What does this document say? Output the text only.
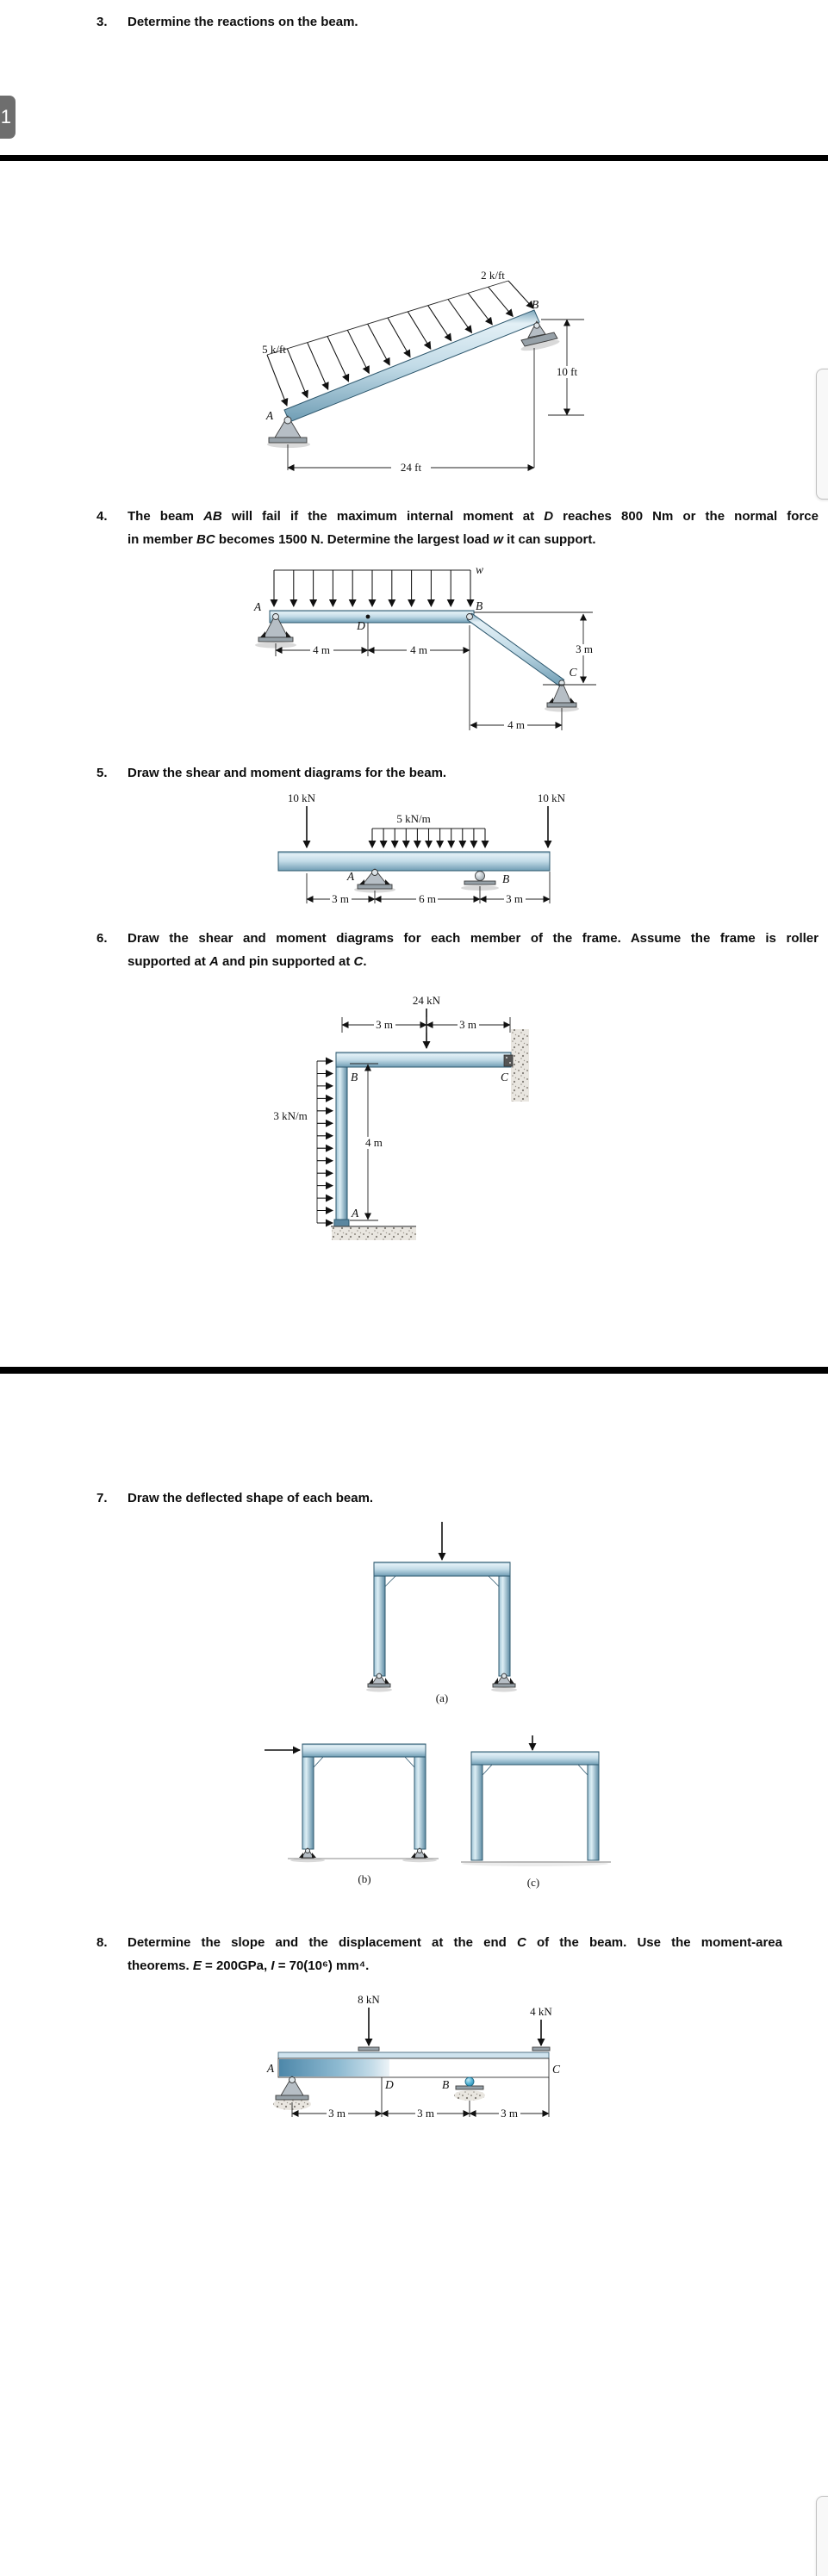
1
3. Determine the reactions on the beam.
24 ft
10 ft
5 k/ft
2 k/ft
A
B
4. The beam AB will fail if the maximum internal moment at D reaches 800 Nm or the normal force
in member BC becomes 1500 N. Determine the largest load w it can support.
4 m	4 m	3 m
4 m
w
A	B
D
C
5. Draw the shear and moment diagrams for the beam.
10 kN	10 kN
5 kN/m
3 m	6 m	3 m
A	B
6. Draw the shear and moment diagrams for each member of the frame. Assume the frame is roller
supported at A and pin supported at C.
24 kN
3 m	3 m
3 kN/m
4 m
B	C
A
7. Draw the deflected shape of each beam.
(a)
(b)	(c)
8. Determine the slope and the displacement at the end C of the beam. Use the moment-area
theorems. E = 200GPa, I = 70(10⁶) mm⁴.
8 kN
4 kN
3 m	3 m	3 m
A	C
D	B
